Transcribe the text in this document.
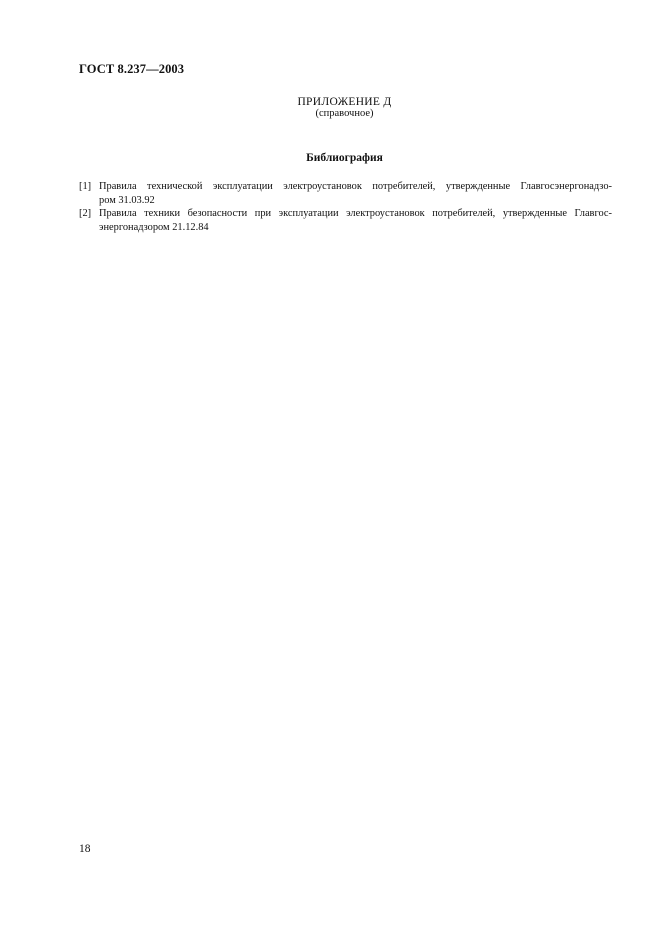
ГОСТ 8.237—2003
ПРИЛОЖЕНИЕ Д
(справочное)
Библиография
[1] Правила технической эксплуатации электроустановок потребителей, утвержденные Главгосэнергонадзо-
ром 31.03.92
[2] Правила техники безопасности при эксплуатации электроустановок потребителей, утвержденные Главгос-
энергонадзором 21.12.84
18
